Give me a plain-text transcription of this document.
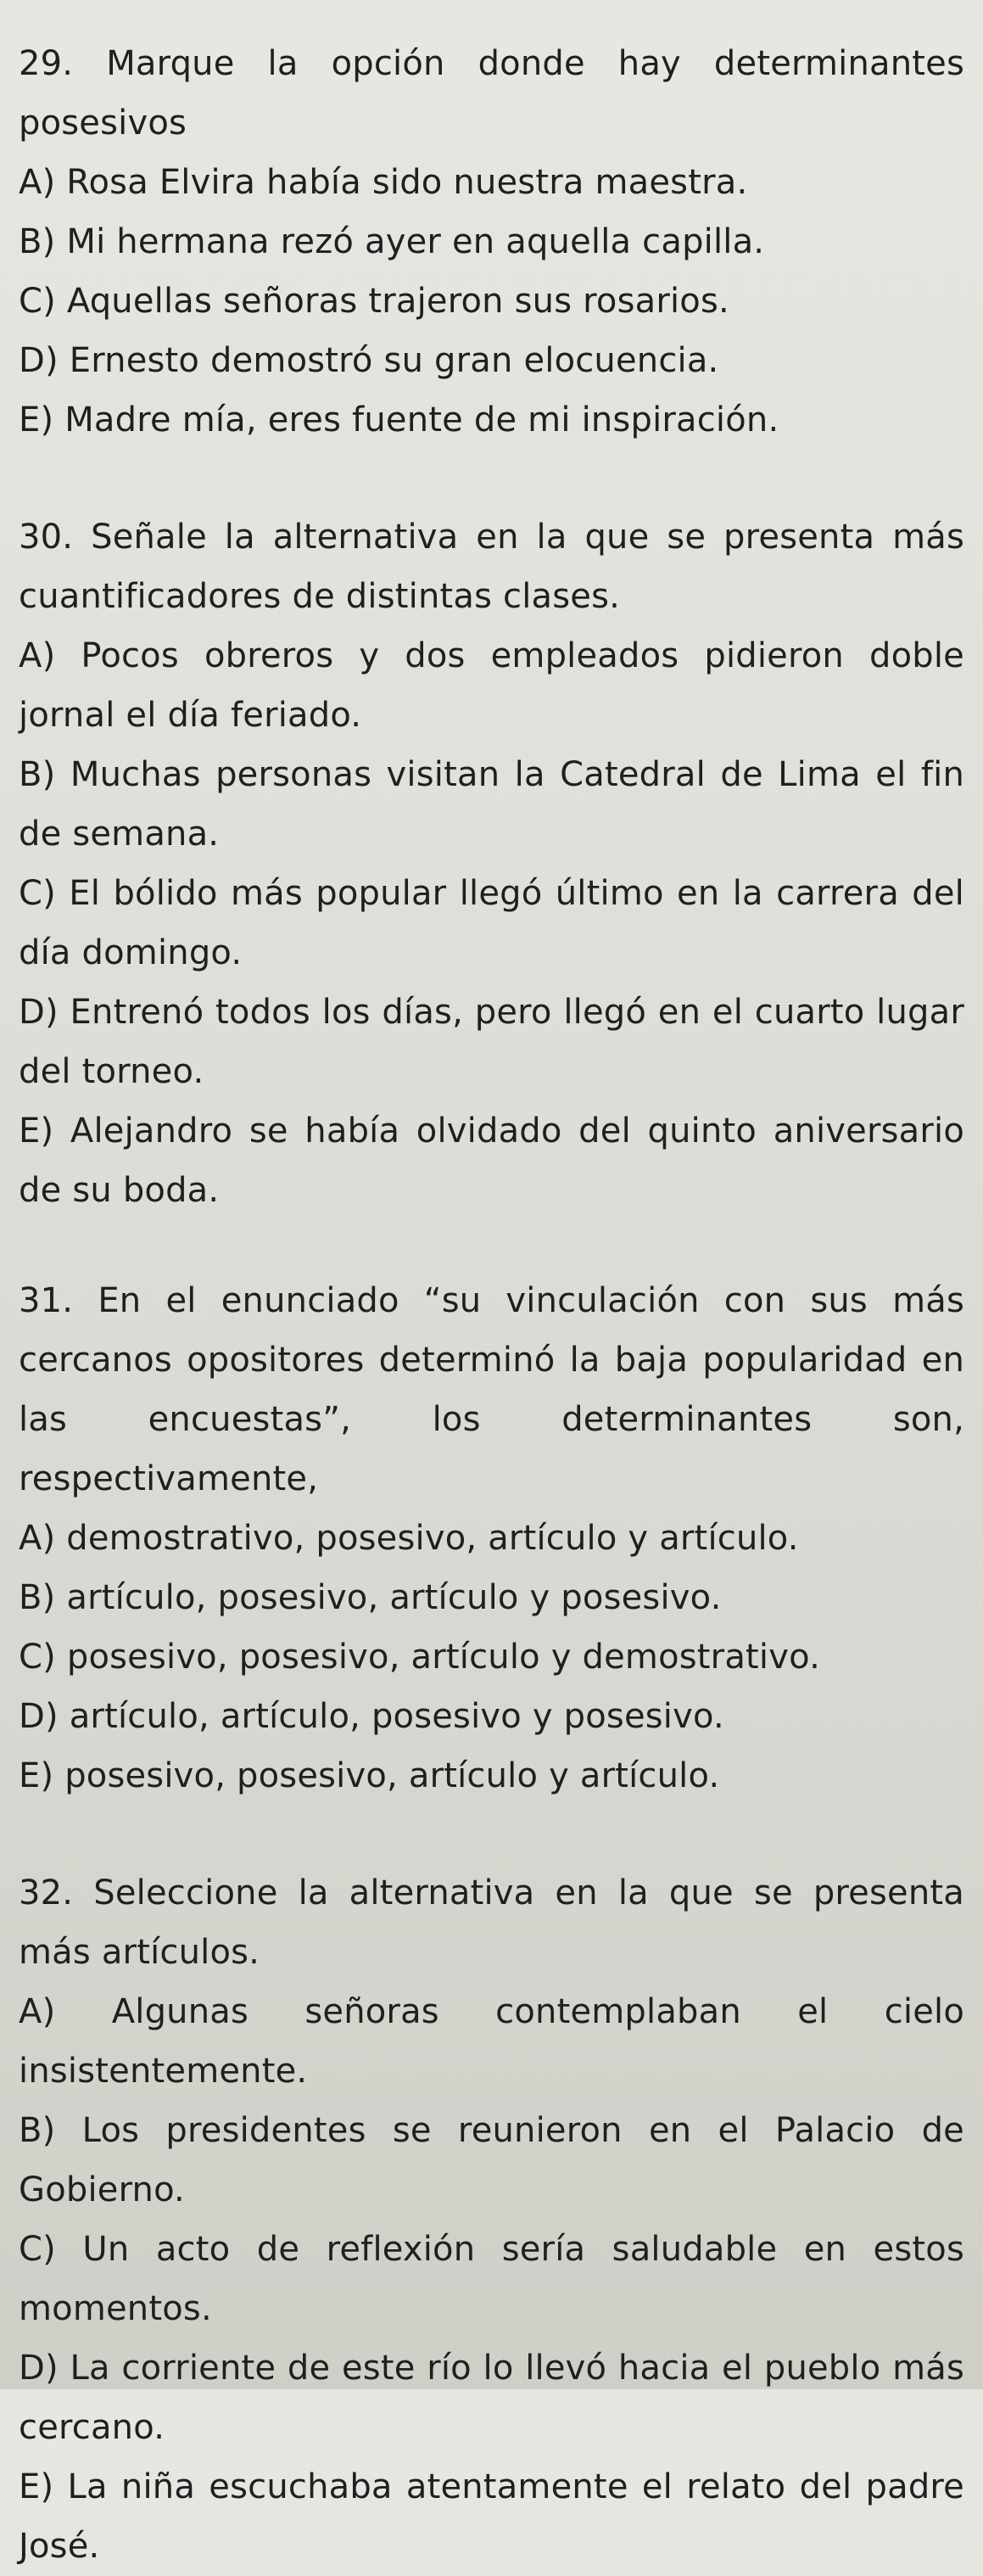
29. Marque la opción donde hay determinantes posesivos

A) Rosa Elvira había sido nuestra maestra.
B) Mi hermana rezó ayer en aquella capilla.
C) Aquellas señoras trajeron sus rosarios.
D) Ernesto demostró su gran elocuencia.
E) Madre mía, eres fuente de mi inspiración.

30. Señale la alternativa en la que se presenta más cuantificadores de distintas clases.

A) Pocos obreros y dos empleados pidieron doble jornal el día feriado.
B) Muchas personas visitan la Catedral de Lima el fin de semana.
C) El bólido más popular llegó último en la carrera del día domingo.
D) Entrenó todos los días, pero llegó en el cuarto lugar del torneo.
E) Alejandro se había olvidado del quinto aniversario de su boda.

31. En el enunciado “su vinculación con sus más cercanos opositores determinó la baja popularidad en las encuestas”, los determinantes son, respectivamente,

A) demostrativo, posesivo, artículo y artículo.
B) artículo, posesivo, artículo y posesivo.
C) posesivo, posesivo, artículo y demostrativo.
D) artículo, artículo, posesivo y posesivo.
E) posesivo, posesivo, artículo y artículo.

32. Seleccione la alternativa en la que se presenta más artículos.

A) Algunas señoras contemplaban el cielo insistentemente.
B) Los presidentes se reunieron en el Palacio de Gobierno.
C) Un acto de reflexión sería saludable en estos momentos.
D) La corriente de este río lo llevó hacia el pueblo más cercano.
E) La niña escuchaba atentamente el relato del padre José.
